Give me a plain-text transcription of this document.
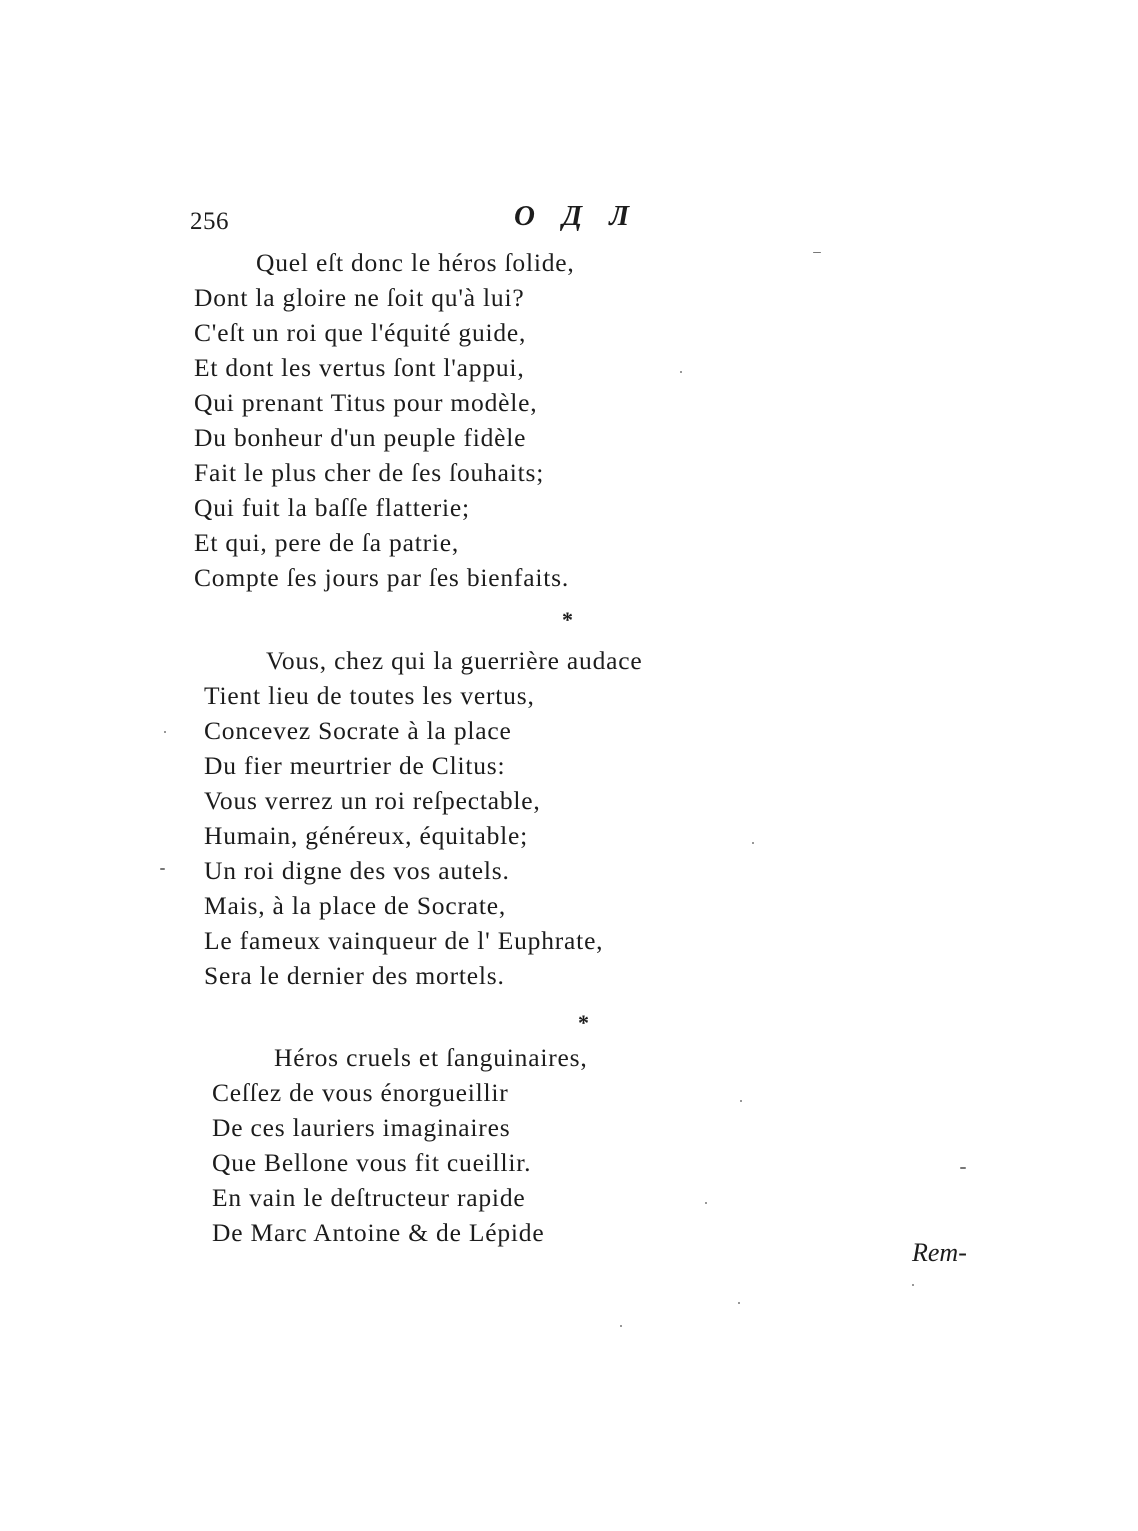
256	O Д Л
Quel eſt donc le héros ſolide,
Dont la gloire ne ſoit qu'à lui?
C'eſt un roi que l'équité guide,
Et dont les vertus ſont l'appui,
Qui prenant Titus pour modèle,
Du bonheur d'un peuple fidèle
Fait le plus cher de ſes ſouhaits;
Qui fuit la baſſe flatterie;
Et qui, pere de ſa patrie,
Compte ſes jours par ſes bienfaits.
*
Vous, chez qui la guerrière audace
Tient lieu de toutes les vertus,
Concevez Socrate à la place
Du fier meurtrier de Clitus:
Vous verrez un roi reſpectable,
Humain, généreux, équitable;
Un roi digne des vos autels.
Mais, à la place de Socrate,
Le fameux vainqueur de l' Euphrate,
Sera le dernier des mortels.
*
Héros cruels et ſanguinaires,
Ceſſez de vous énorgueillir
De ces lauriers imaginaires
Que Bellone vous fit cueillir.
En vain le deſtructeur rapide
De Marc Antoine & de Lépide
Rem-
